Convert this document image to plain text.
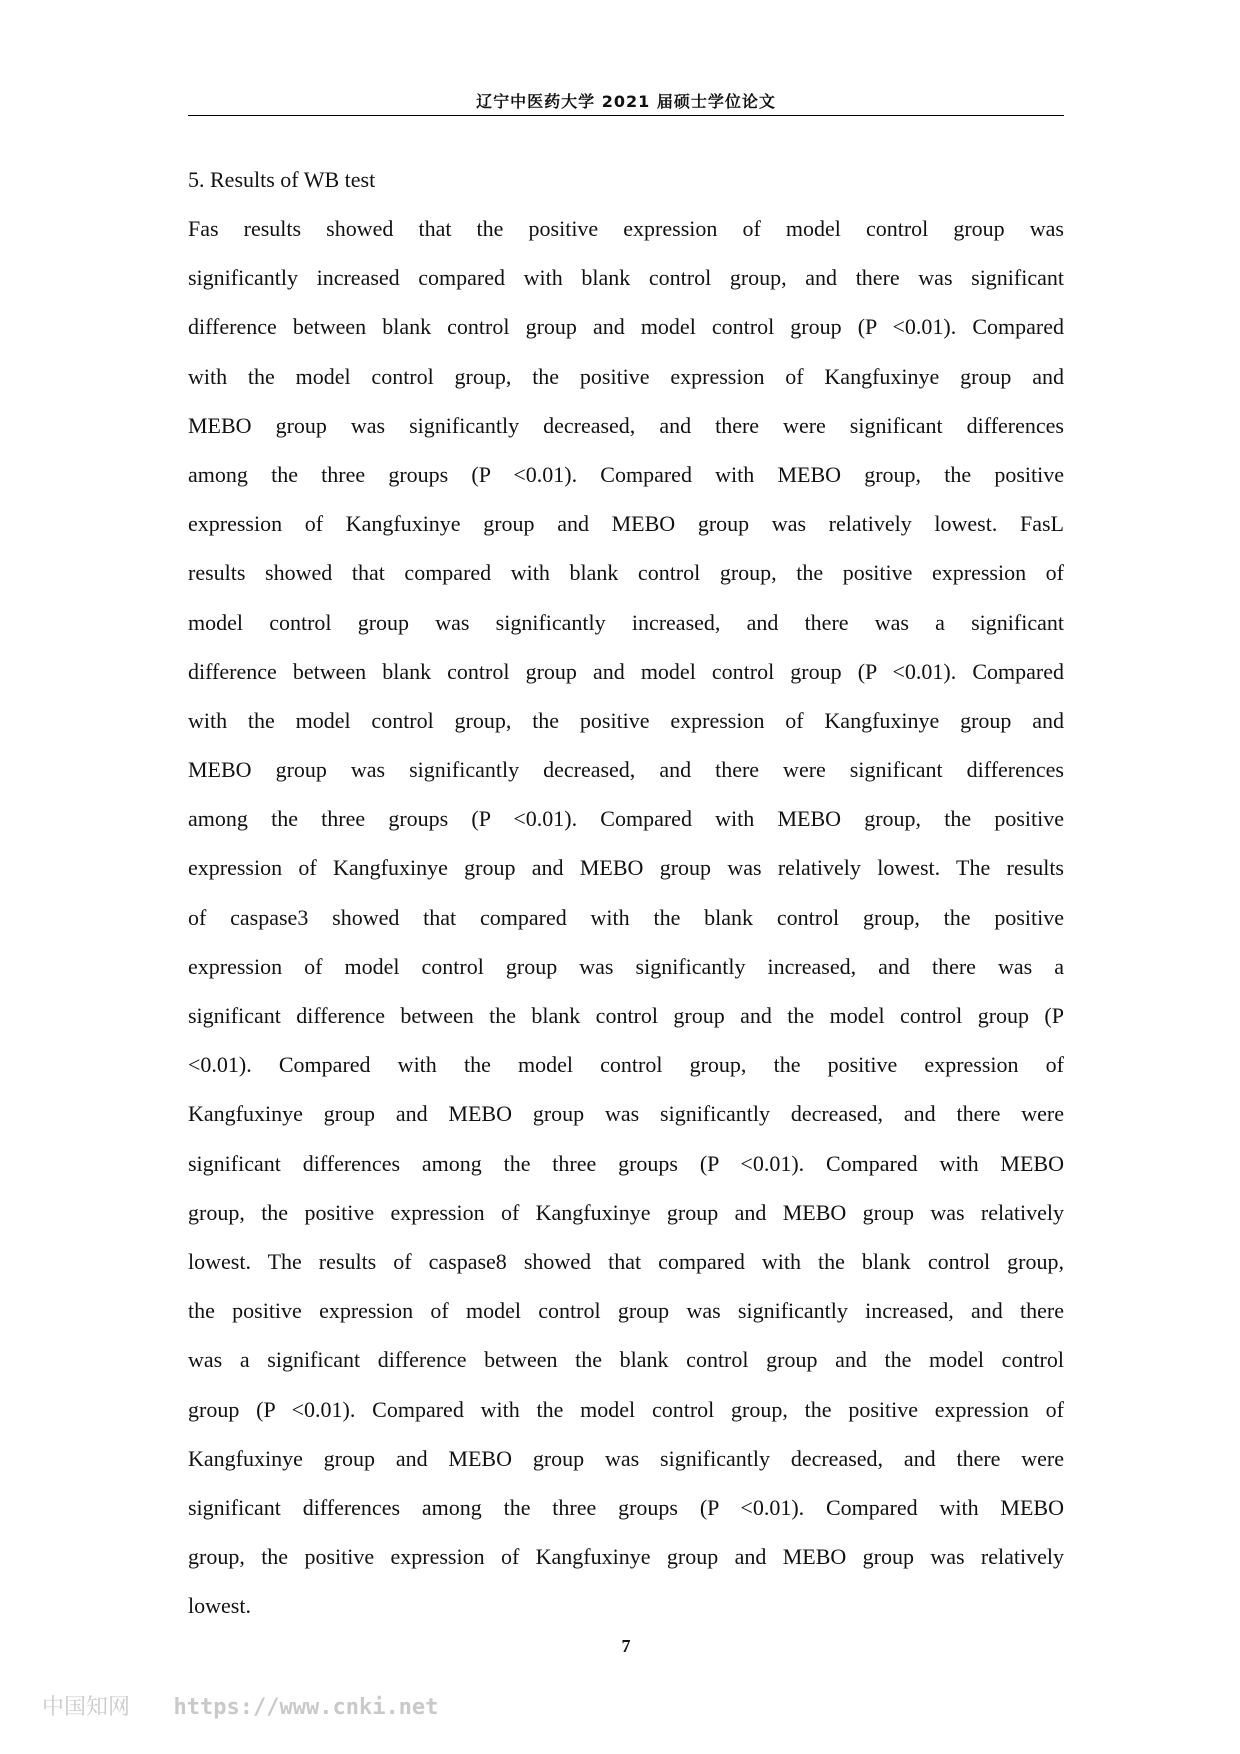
辽宁中医药大学 2021 届硕士学位论文
5. Results of WB test
Fas results showed that the positive expression of model control group was
significantly increased compared with blank control group, and there was significant
difference between blank control group and model control group (P <0.01). Compared
with the model control group, the positive expression of Kangfuxinye group and
MEBO group was significantly decreased, and there were significant differences
among the three groups (P <0.01). Compared with MEBO group, the positive
expression of Kangfuxinye group and MEBO group was relatively lowest. FasL
results showed that compared with blank control group, the positive expression of
model control group was significantly increased, and there was a significant
difference between blank control group and model control group (P <0.01). Compared
with the model control group, the positive expression of Kangfuxinye group and
MEBO group was significantly decreased, and there were significant differences
among the three groups (P <0.01). Compared with MEBO group, the positive
expression of Kangfuxinye group and MEBO group was relatively lowest. The results
of caspase3 showed that compared with the blank control group, the positive
expression of model control group was significantly increased, and there was a
significant difference between the blank control group and the model control group (P
<0.01). Compared with the model control group, the positive expression of
Kangfuxinye group and MEBO group was significantly decreased, and there were
significant differences among the three groups (P <0.01). Compared with MEBO
group, the positive expression of Kangfuxinye group and MEBO group was relatively
lowest. The results of caspase8 showed that compared with the blank control group,
the positive expression of model control group was significantly increased, and there
was a significant difference between the blank control group and the model control
group (P <0.01). Compared with the model control group, the positive expression of
Kangfuxinye group and MEBO group was significantly decreased, and there were
significant differences among the three groups (P <0.01). Compared with MEBO
group, the positive expression of Kangfuxinye group and MEBO group was relatively
lowest.
7
中国知网 https://www.cnki.net
